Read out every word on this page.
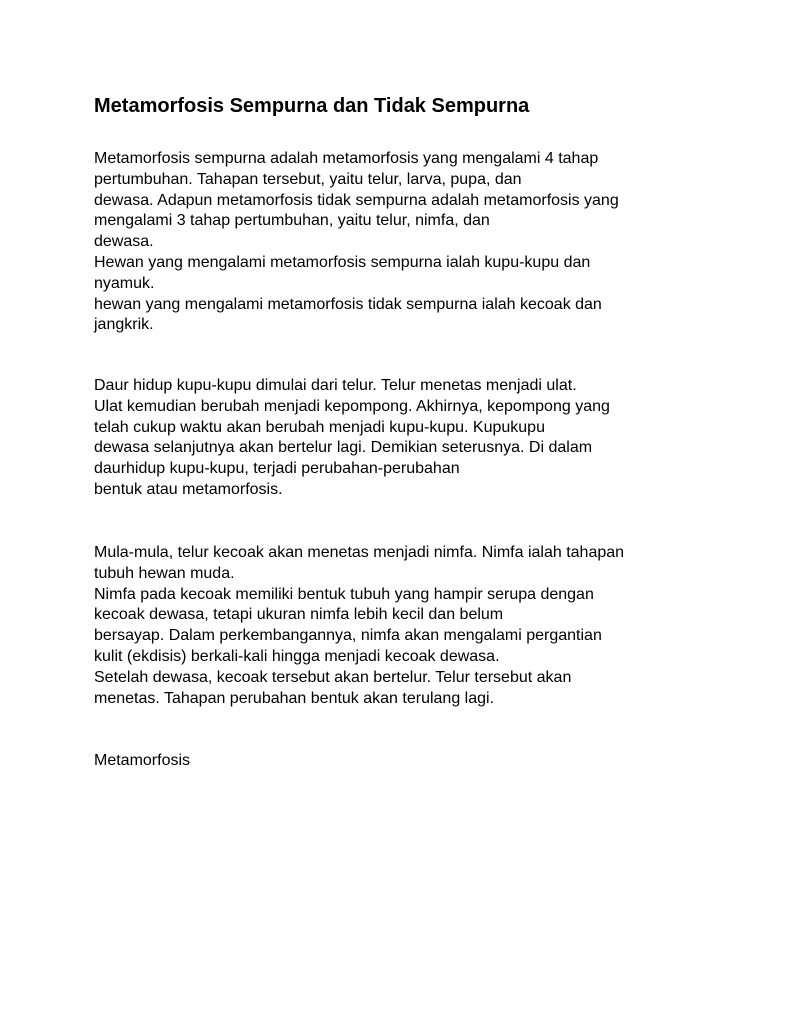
Metamorfosis Sempurna dan Tidak Sempurna

Metamorfosis sempurna adalah metamorfosis yang mengalami 4 tahap
pertumbuhan. Tahapan tersebut, yaitu telur, larva, pupa, dan
dewasa. Adapun metamorfosis tidak sempurna adalah metamorfosis yang
mengalami 3 tahap pertumbuhan, yaitu telur, nimfa, dan
dewasa.
Hewan yang mengalami metamorfosis sempurna ialah kupu-kupu dan
nyamuk.
hewan yang mengalami metamorfosis tidak sempurna ialah kecoak dan
jangkrik.

Daur hidup kupu-kupu dimulai dari telur. Telur menetas menjadi ulat.
Ulat kemudian berubah menjadi kepompong. Akhirnya, kepompong yang
telah cukup waktu akan berubah menjadi kupu-kupu. Kupukupu
dewasa selanjutnya akan bertelur lagi. Demikian seterusnya. Di dalam
daurhidup kupu-kupu, terjadi perubahan-perubahan
bentuk atau metamorfosis.

Mula-mula, telur kecoak akan menetas menjadi nimfa. Nimfa ialah tahapan
tubuh hewan muda.
Nimfa pada kecoak memiliki bentuk tubuh yang hampir serupa dengan
kecoak dewasa, tetapi ukuran nimfa lebih kecil dan belum
bersayap. Dalam perkembangannya, nimfa akan mengalami pergantian
kulit (ekdisis) berkali-kali hingga menjadi kecoak dewasa.
Setelah dewasa, kecoak tersebut akan bertelur. Telur tersebut akan
menetas. Tahapan perubahan bentuk akan terulang lagi.

Metamorfosis
